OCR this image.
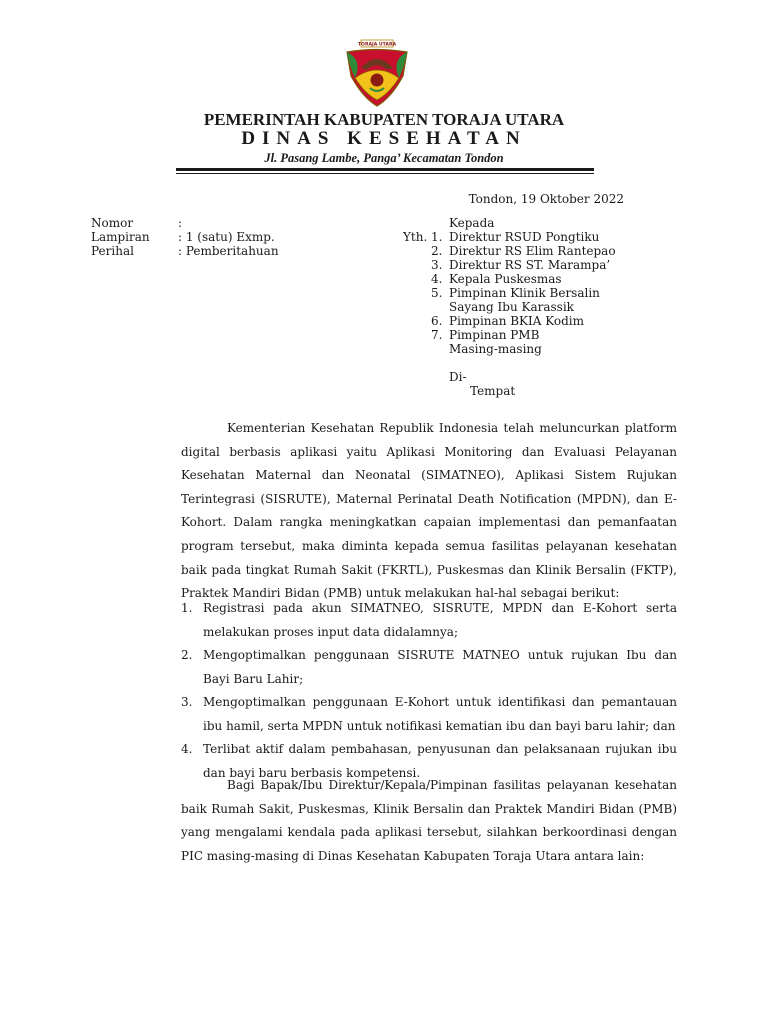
TORAJA UTARA
PEMERINTAH KABUPATEN TORAJA UTARA
DINAS KESEHATAN
Jl. Pasang Lambe, Panga’ Kecamatan Tondon
Tondon, 19 Oktober 2022
Nomor	:
Lampiran : 1 (satu) Exmp.
Perihal	: Pemberitahuan
Kepada
Yth. 1. Direktur RSUD Pongtiku
2. Direktur RS Elim Rantepao
3. Direktur RS ST. Marampa’
4. Kepala Puskesmas
5. Pimpinan Klinik Bersalin
Sayang Ibu Karassik
6. Pimpinan BKIA Kodim
7. Pimpinan PMB
Masing-masing
Di-
Tempat

Kementerian Kesehatan Republik Indonesia telah meluncurkan platform digital berbasis aplikasi yaitu Aplikasi Monitoring dan Evaluasi Pelayanan Kesehatan Maternal dan Neonatal (SIMATNEO), Aplikasi Sistem Rujukan Terintegrasi (SISRUTE), Maternal Perinatal Death Notification (MPDN), dan E-Kohort. Dalam rangka meningkatkan capaian implementasi dan pemanfaatan program tersebut, maka diminta kepada semua fasilitas pelayanan kesehatan baik pada tingkat Rumah Sakit (FKRTL), Puskesmas dan Klinik Bersalin (FKTP), Praktek Mandiri Bidan (PMB) untuk melakukan hal-hal sebagai berikut:

1. Registrasi pada akun SIMATNEO, SISRUTE, MPDN dan E-Kohort serta melakukan proses input data didalamnya;
2. Mengoptimalkan penggunaan SISRUTE MATNEO untuk rujukan Ibu dan Bayi Baru Lahir;
3. Mengoptimalkan penggunaan E-Kohort untuk identifikasi dan pemantauan ibu hamil, serta MPDN untuk notifikasi kematian ibu dan bayi baru lahir; dan
4. Terlibat aktif dalam pembahasan, penyusunan dan pelaksanaan rujukan ibu dan bayi baru berbasis kompetensi.

Bagi Bapak/Ibu Direktur/Kepala/Pimpinan fasilitas pelayanan kesehatan baik Rumah Sakit, Puskesmas, Klinik Bersalin dan Praktek Mandiri Bidan (PMB) yang mengalami kendala pada aplikasi tersebut, silahkan berkoordinasi dengan PIC masing-masing di Dinas Kesehatan Kabupaten Toraja Utara antara lain:
